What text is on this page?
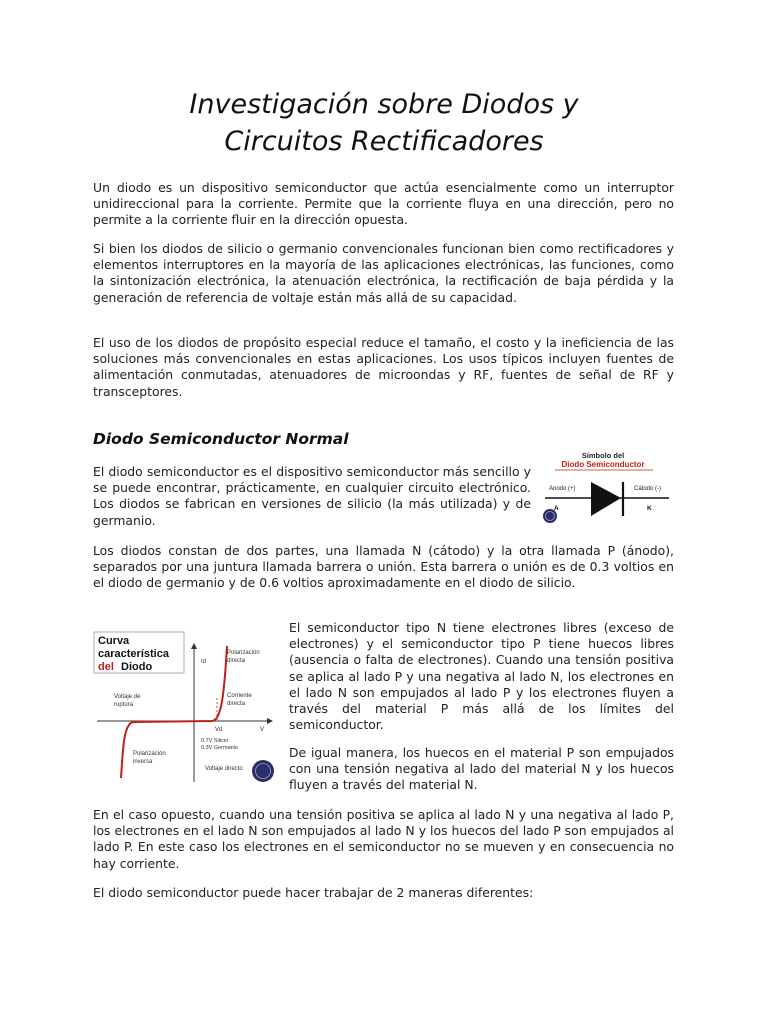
Investigación sobre Diodos y
Circuitos Rectificadores

Un diodo es un dispositivo semiconductor que actúa esencialmente como un interruptor unidireccional para la corriente. Permite que la corriente fluya en una dirección, pero no permite a la corriente fluir en la dirección opuesta.

Si bien los diodos de silicio o germanio convencionales funcionan bien como rectificadores y elementos interruptores en la mayoría de las aplicaciones electrónicas, las funciones, como la sintonización electrónica, la atenuación electrónica, la rectificación de baja pérdida y la generación de referencia de voltaje están más allá de su capacidad.

El uso de los diodos de propósito especial reduce el tamaño, el costo y la ineficiencia de las soluciones más convencionales en estas aplicaciones. Los usos típicos incluyen fuentes de alimentación conmutadas, atenuadores de microondas y RF, fuentes de señal de RF y transceptores.

Diodo Semiconductor Normal

El diodo semiconductor es el dispositivo semiconductor más sencillo y se puede encontrar, prácticamente, en cualquier circuito electrónico. Los diodos se fabrican en versiones de silicio (la más utilizada) y de germanio.

Símbolo del
Diodo Semiconductor
Anodo (+)	Cátodo (-)
A	K

Los diodos constan de dos partes, una llamada N (cátodo) y la otra llamada P (ánodo), separados por una juntura llamada barrera o unión. Esta barrera o unión es de 0.3 voltios en el diodo de germanio y de 0.6 voltios aproximadamente en el diodo de silicio.

Curva
característica
del Diodo	Id
Polarización
directa
Voltaje de
ruptura
Corriente
directa
Vd	V
0.7V Silicio
0.3V Germanio
Polarización
inversa
Voltaje directo

El semiconductor tipo N tiene electrones libres (exceso de electrones) y el semiconductor tipo P tiene huecos libres (ausencia o falta de electrones). Cuando una tensión positiva se aplica al lado P y una negativa al lado N, los electrones en el lado N son empujados al lado P y los electrones fluyen a través del material P más allá de los límites del semiconductor.

De igual manera, los huecos en el material P son empujados con una tensión negativa al lado del material N y los huecos fluyen a través del material N.

En el caso opuesto, cuando una tensión positiva se aplica al lado N y una negativa al lado P, los electrones en el lado N son empujados al lado N y los huecos del lado P son empujados al lado P. En este caso los electrones en el semiconductor no se mueven y en consecuencia no hay corriente.

El diodo semiconductor puede hacer trabajar de 2 maneras diferentes:
